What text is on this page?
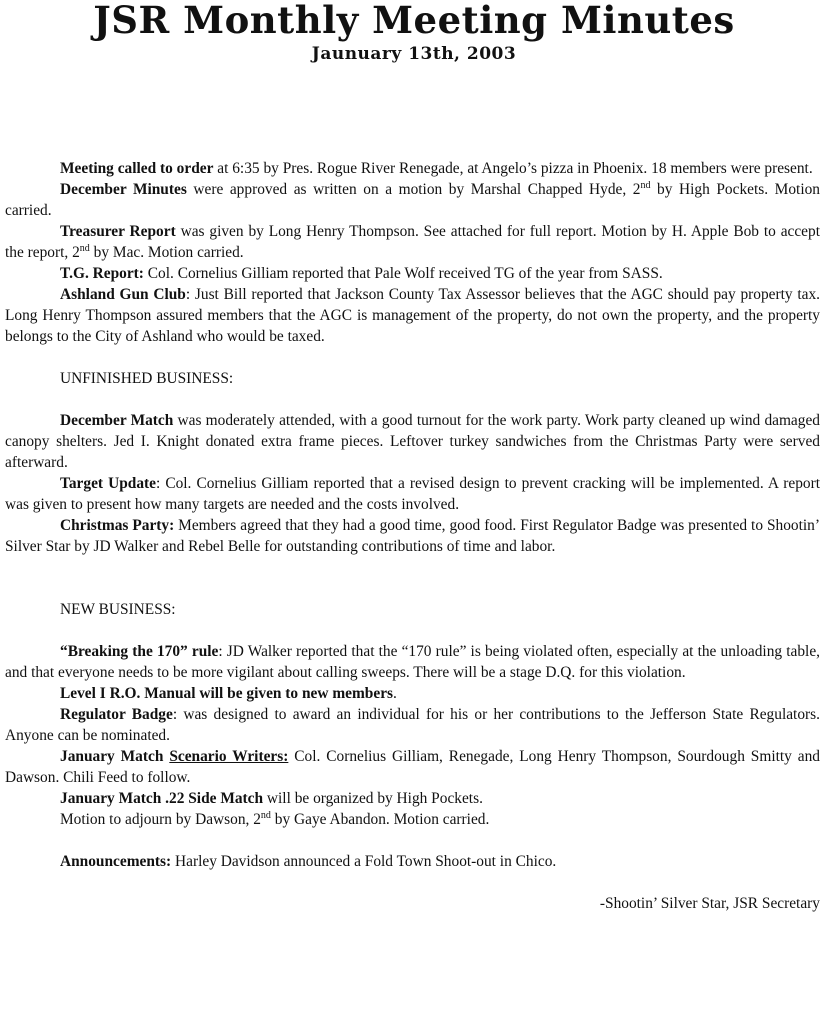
JSR Monthly Meeting Minutes
Jaunuary 13th, 2003

Meeting called to order at 6:35 by Pres. Rogue River Renegade, at Angelo’s pizza in Phoenix. 18 members were present.

December Minutes were approved as written on a motion by Marshal Chapped Hyde, 2nd by High Pockets. Motion carried.

Treasurer Report was given by Long Henry Thompson. See attached for full report. Motion by H. Apple Bob to accept the report, 2nd by Mac. Motion carried.

T.G. Report: Col. Cornelius Gilliam reported that Pale Wolf received TG of the year from SASS.

Ashland Gun Club: Just Bill reported that Jackson County Tax Assessor believes that the AGC should pay property tax. Long Henry Thompson assured members that the AGC is management of the property, do not own the property, and the property belongs to the City of Ashland who would be taxed.

UNFINISHED BUSINESS:

December Match was moderately attended, with a good turnout for the work party. Work party cleaned up wind damaged canopy shelters. Jed I. Knight donated extra frame pieces. Leftover turkey sandwiches from the Christmas Party were served afterward.

Target Update: Col. Cornelius Gilliam reported that a revised design to prevent cracking will be implemented. A report was given to present how many targets are needed and the costs involved.

Christmas Party: Members agreed that they had a good time, good food. First Regulator Badge was presented to Shootin’ Silver Star by JD Walker and Rebel Belle for outstanding contributions of time and labor.

NEW BUSINESS:

“Breaking the 170” rule: JD Walker reported that the “170 rule” is being violated often, especially at the unloading table, and that everyone needs to be more vigilant about calling sweeps. There will be a stage D.Q. for this violation.

Level I R.O. Manual will be given to new members.

Regulator Badge: was designed to award an individual for his or her contributions to the Jefferson State Regulators. Anyone can be nominated.

January Match Scenario Writers: Col. Cornelius Gilliam, Renegade, Long Henry Thompson, Sourdough Smitty and Dawson. Chili Feed to follow.

January Match .22 Side Match will be organized by High Pockets.

Motion to adjourn by Dawson, 2nd by Gaye Abandon. Motion carried.

Announcements: Harley Davidson announced a Fold Town Shoot-out in Chico.

-Shootin’ Silver Star, JSR Secretary
